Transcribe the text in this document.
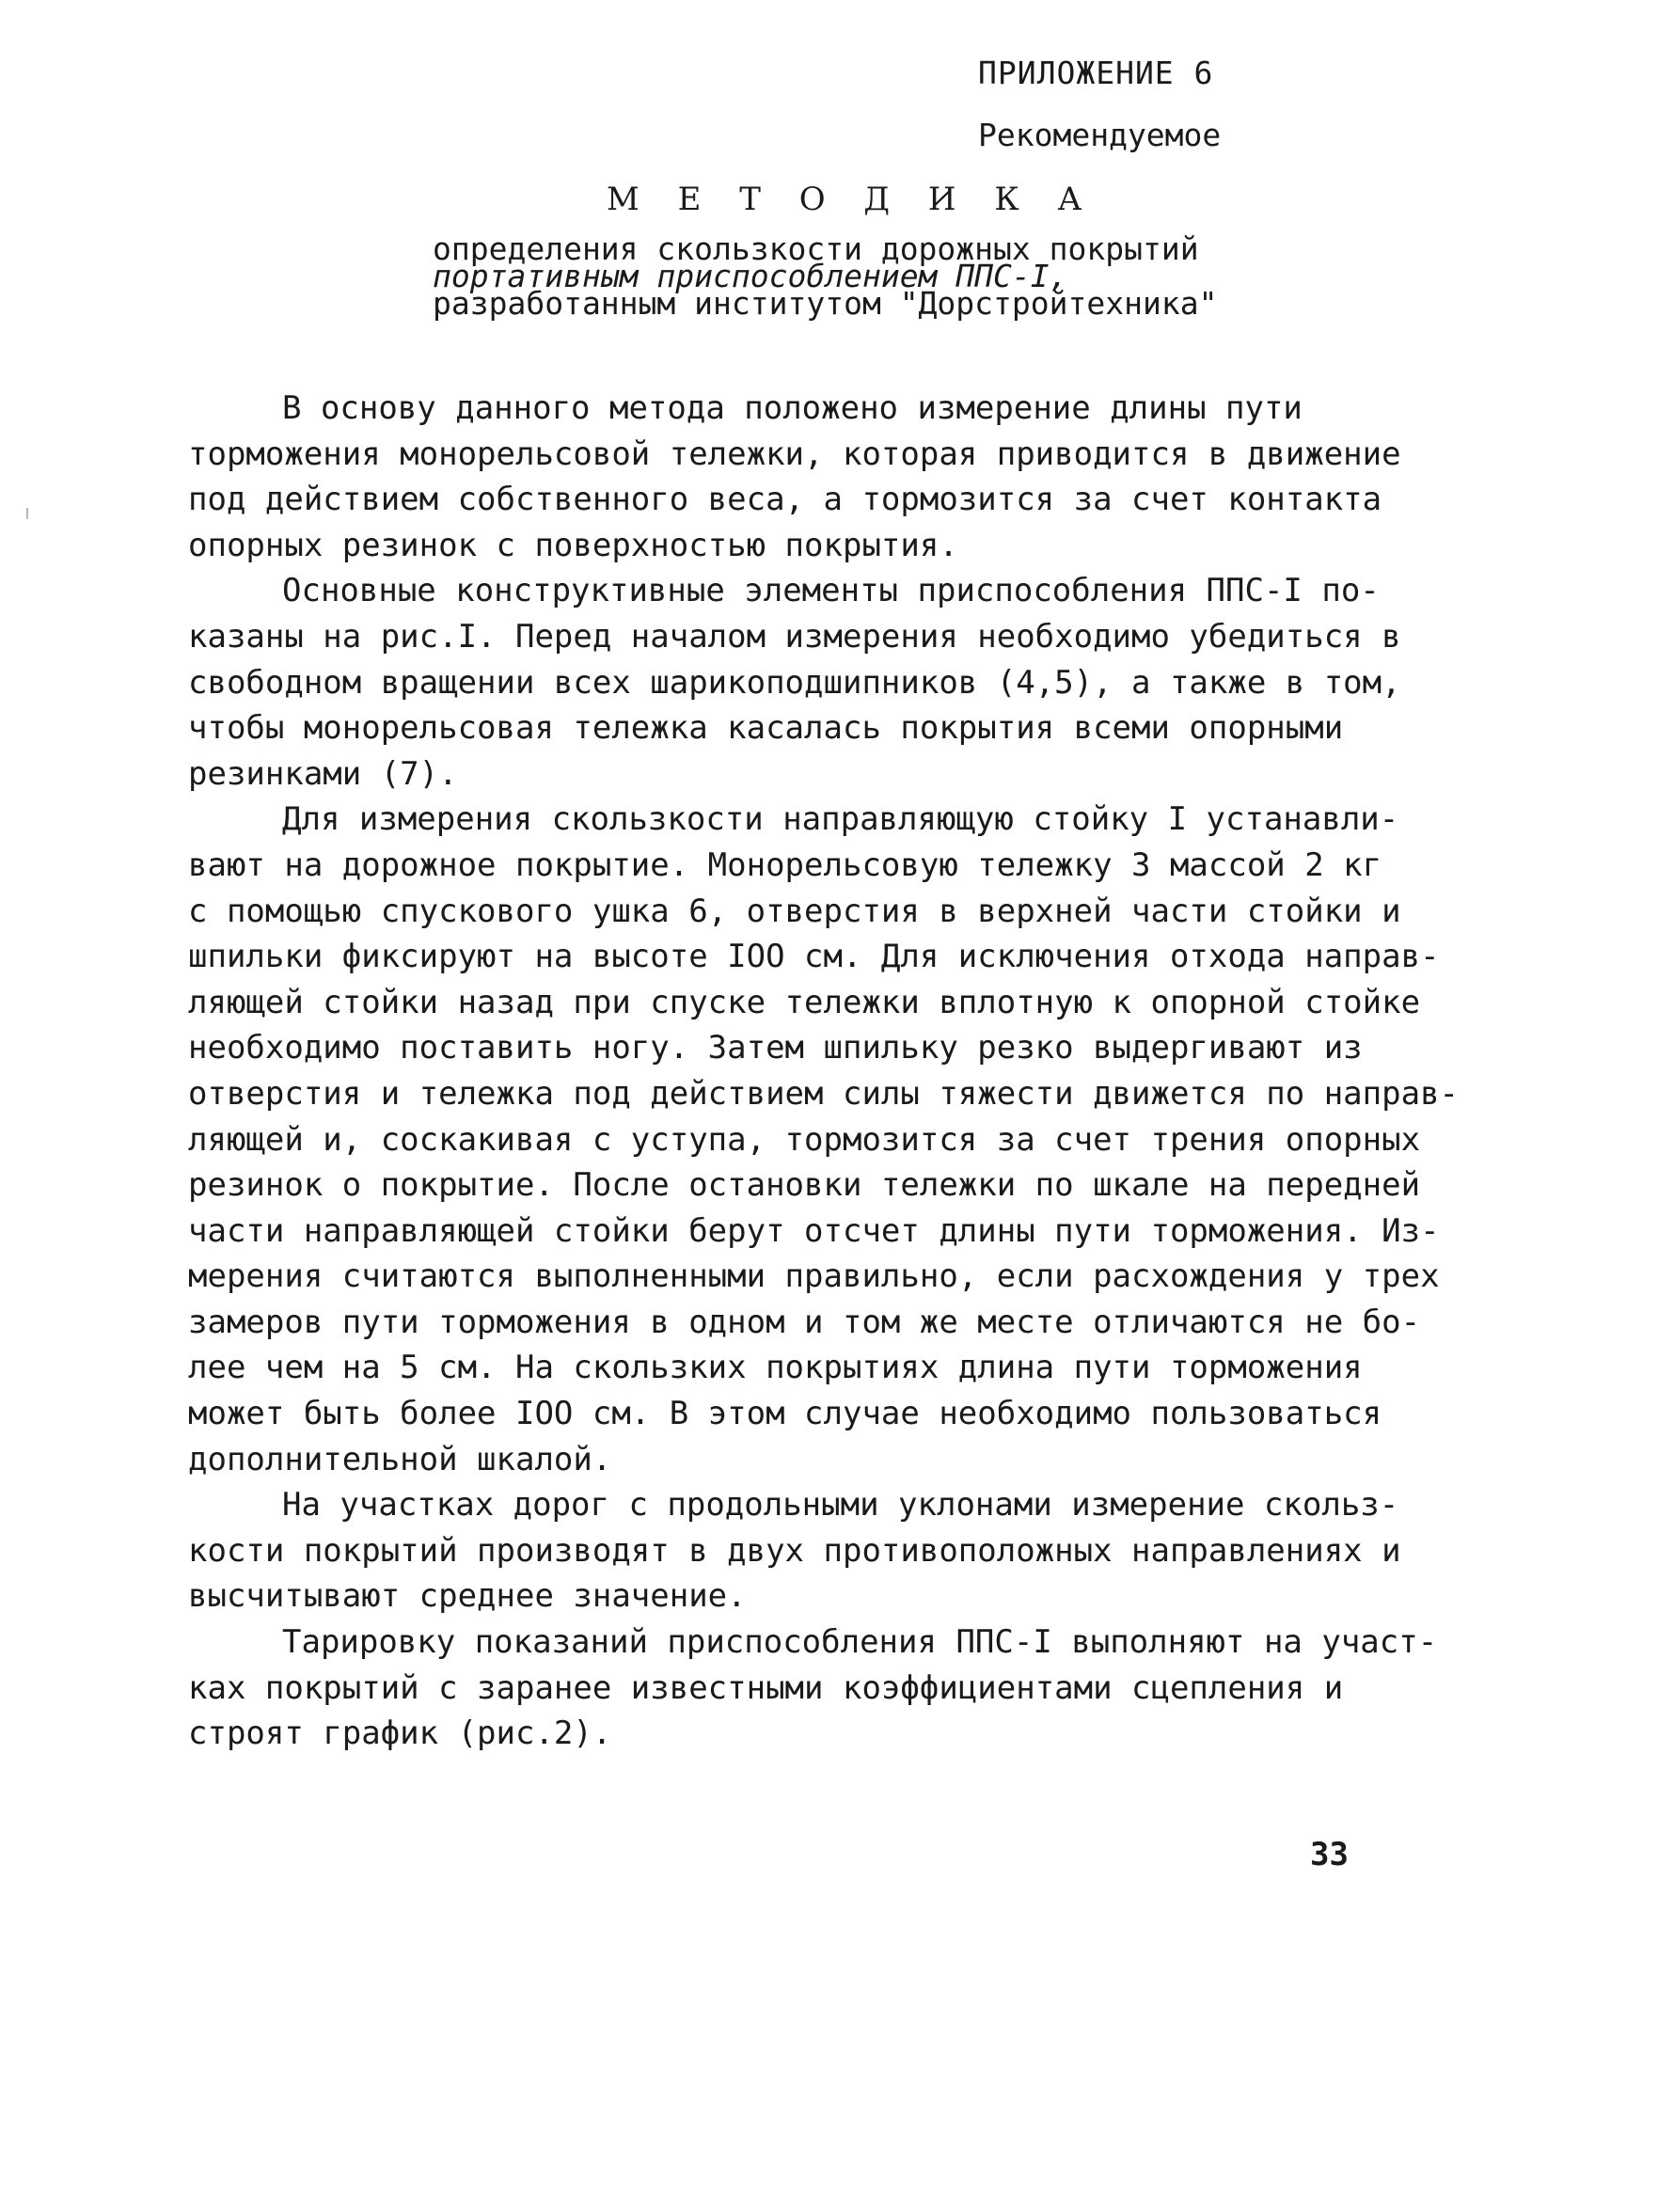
ПРИЛОЖЕНИЕ 6
Рекомендуемое
М Е Т О Д И К А
определения скользкости дорожных покрытий
портативным приспособлением ППС-I,
разработанным институтом "Дорстройтехника"
В основу данного метода положено измерение длины пути
торможения монорельсовой тележки, которая приводится в движение
под действием собственного веса, а тормозится за счет контакта
опорных резинок с поверхностью покрытия.
Основные конструктивные элементы приспособления ППС-I по-
казаны на рис.I. Перед началом измерения необходимо убедиться в
свободном вращении всех шарикоподшипников (4,5), а также в том,
чтобы монорельсовая тележка касалась покрытия всеми опорными
резинками (7).
Для измерения скользкости направляющую стойку I устанавли-
вают на дорожное покрытие. Монорельсовую тележку 3 массой 2 кг
с помощью спускового ушка 6, отверстия в верхней части стойки и
шпильки фиксируют на высоте IOO см. Для исключения отхода направ-
ляющей стойки назад при спуске тележки вплотную к опорной стойке
необходимо поставить ногу. Затем шпильку резко выдергивают из
отверстия и тележка под действием силы тяжести движется по направ-
ляющей и, соскакивая с уступа, тормозится за счет трения опорных
резинок о покрытие. После остановки тележки по шкале на передней
части направляющей стойки берут отсчет длины пути торможения. Из-
мерения считаются выполненными правильно, если расхождения у трех
замеров пути торможения в одном и том же месте отличаются не бо-
лее чем на 5 см. На скользких покрытиях длина пути торможения
может быть более IOO см. В этом случае необходимо пользоваться
дополнительной шкалой.
На участках дорог с продольными уклонами измерение скольз-
кости покрытий производят в двух противоположных направлениях и
высчитывают среднее значение.
Тарировку показаний приспособления ППС-I выполняют на участ-
ках покрытий с заранее известными коэффициентами сцепления и
строят график (рис.2).
33
